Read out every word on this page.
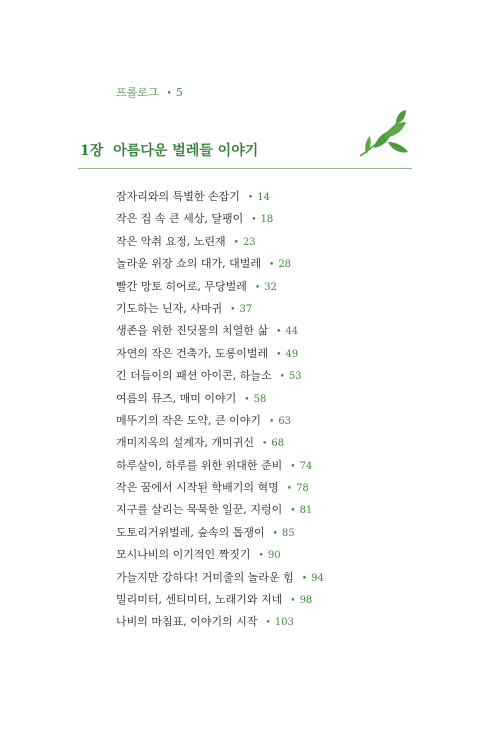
프롤로그 • 5
1장 아름다운 벌레들 이야기
잠자리와의 특별한 손잡기 • 14
작은 집 속 큰 세상, 달팽이 • 18
작은 악취 요정, 노린재 • 23
놀라운 위장 쇼의 대가, 대벌레 • 28
빨간 망토 히어로, 무당벌레 • 32
기도하는 닌자, 사마귀 • 37
생존을 위한 진딧물의 치열한 삶 • 44
자연의 작은 건축가, 도롱이벌레 • 49
긴 더듬이의 패션 아이콘, 하늘소 • 53
여름의 뮤즈, 매미 이야기 • 58
메뚜기의 작은 도약, 큰 이야기 • 63
개미지옥의 설계자, 개미귀신 • 68
하루살이, 하루를 위한 위대한 준비 • 74
작은 꿈에서 시작된 학배기의 혁명 • 78
지구를 살리는 묵묵한 일꾼, 지렁이 • 81
도토리거위벌레, 숲속의 톱쟁이 • 85
모시나비의 이기적인 짝짓기 • 90
가늘지만 강하다! 거미줄의 놀라운 힘 • 94
밀리미터, 센티미터, 노래기와 지네 • 98
나비의 마침표, 이야기의 시작 • 103
